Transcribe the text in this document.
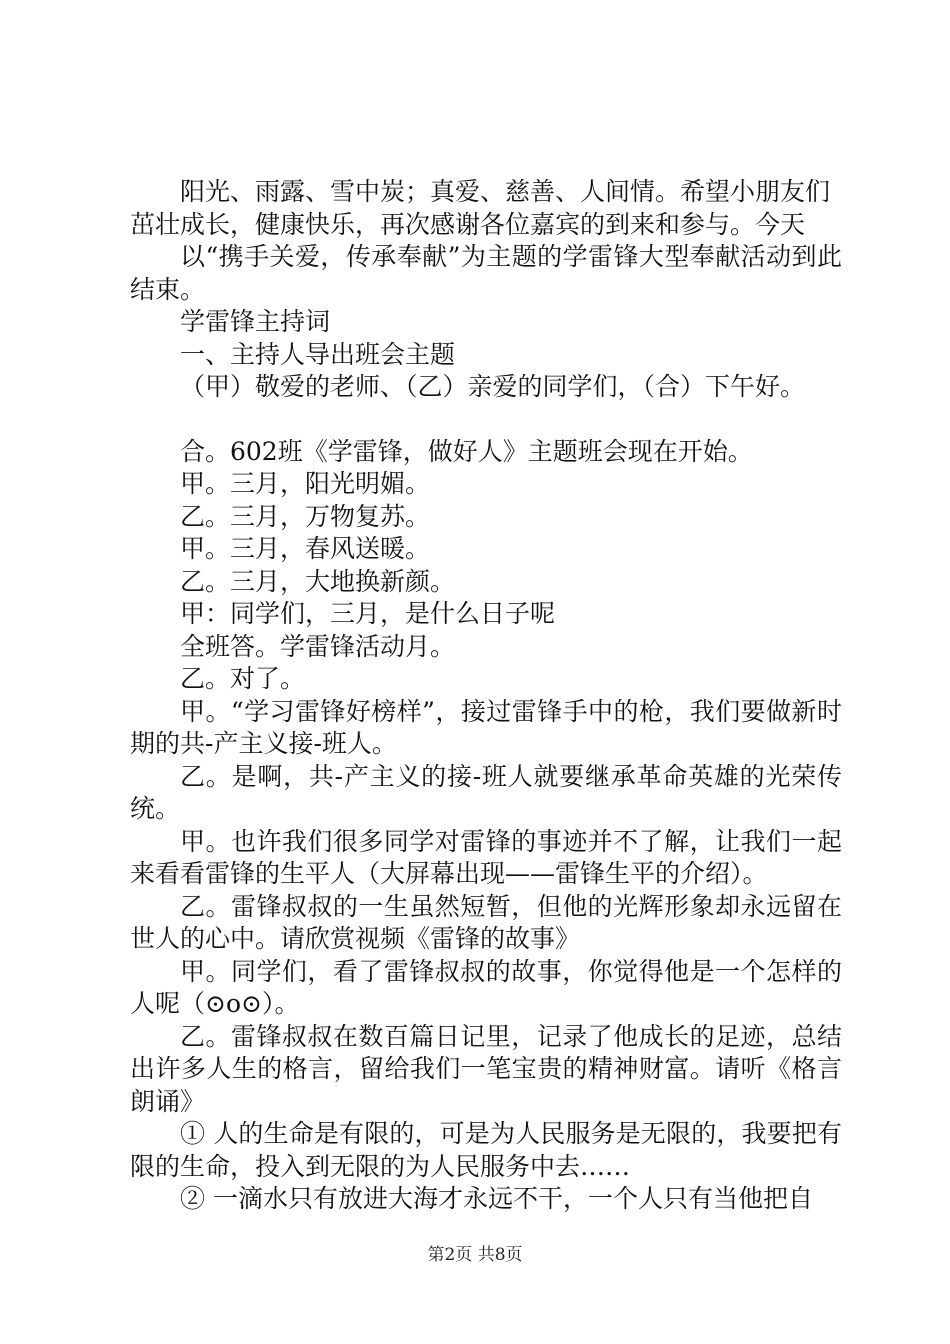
阳光、雨露、雪中炭；真爱、慈善、人间情。希望小朋友们茁壮成长，健康快乐，再次感谢各位嘉宾的到来和参与。今天

以“携手关爱，传承奉献”为主题的学雷锋大型奉献活动到此结束。

学雷锋主持词

一、主持人导出班会主题

（甲）敬爱的老师、（乙）亲爱的同学们，（合）下午好。

合。602班《学雷锋，做好人》主题班会现在开始。

甲。三月，阳光明媚。

乙。三月，万物复苏。

甲。三月，春风送暖。

乙。三月，大地换新颜。

甲：同学们，三月，是什么日子呢

全班答。学雷锋活动月。

乙。对了。

甲。“学习雷锋好榜样”，接过雷锋手中的枪，我们要做新时期的共-产主义接-班人。

乙。是啊，共-产主义的接-班人就要继承革命英雄的光荣传统。

甲。也许我们很多同学对雷锋的事迹并不了解，让我们一起来看看雷锋的生平人（大屏幕出现——雷锋生平的介绍）。

乙。雷锋叔叔的一生虽然短暂，但他的光辉形象却永远留在世人的心中。请欣赏视频《雷锋的故事》

甲。同学们，看了雷锋叔叔的故事，你觉得他是一个怎样的人呢（⊙o⊙）。

乙。雷锋叔叔在数百篇日记里，记录了他成长的足迹，总结出许多人生的格言，留给我们一笔宝贵的精神财富。请听《格言朗诵》

① 人的生命是有限的，可是为人民服务是无限的，我要把有限的生命，投入到无限的为人民服务中去……

② 一滴水只有放进大海才永远不干，一个人只有当他把自

第2页 共8页
